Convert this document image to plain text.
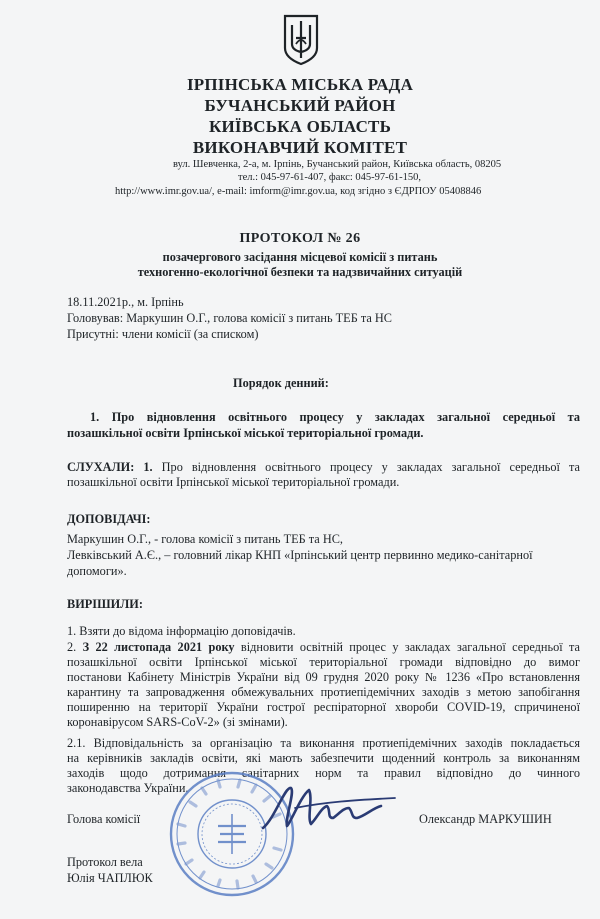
ІРПІНСЬКА МІСЬКА РАДА
БУЧАНСЬКИЙ РАЙОН
КИЇВСЬКА ОБЛАСТЬ
ВИКОНАВЧИЙ КОМІТЕТ
вул. Шевченка, 2-а, м. Ірпінь, Бучанський район, Київська область, 08205
тел.: 045-97-61-407, факс: 045-97-61-150,
http://www.imr.gov.ua/, e-mail: imform@imr.gov.ua, код згідно з ЄДРПОУ 05408846
ПРОТОКОЛ № 26
позачергового засідання місцевої комісії з питань
техногенно-екологічної безпеки та надзвичайних ситуацій
18.11.2021р., м. Ірпінь
Головував: Маркушин О.Г., голова комісії з питань ТЕБ та НС
Присутні: члени комісії (за списком)
Порядок денний:
1. Про відновлення освітнього процесу у закладах загальної середньої та
позашкільної освіти Ірпінської міської територіальної громади.
СЛУХАЛИ: 1. Про відновлення освітнього процесу у закладах загальної середньої та
позашкільної освіти Ірпінської міської територіальної громади.
ДОПОВІДАЧІ:
Маркушин О.Г., - голова комісії з питань ТЕБ та НС,
Левківський А.Є., – головний лікар КНП «Ірпінський центр первинно медико-санітарної
допомоги».
ВИРІШИЛИ:
1. Взяти до відома інформацію доповідачів.
2. З 22 листопада 2021 року відновити освітній процес у закладах загальної середньої та
позашкільної освіти Ірпінської міської територіальної громади відповідно до вимог
постанови Кабінету Міністрів України від 09 грудня 2020 року № 1236 «Про встановлення
карантину та запровадження обмежувальних протиепідемічних заходів з метою запобігання
поширенню на території України гострої респіраторної хвороби COVID-19, спричиненої
коронавірусом SARS-CoV-2» (зі змінами).
2.1. Відповідальність за організацію та виконання протиепідемічних заходів покладається
на керівників закладів освіти, які мають забезпечити щоденний контроль за виконанням
заходів щодо дотримання санітарних норм та правил відповідно до чинного
законодавства України.
Голова комісії	Олександр МАРКУШИН
Протокол вела
Юлія ЧАПЛЮК
